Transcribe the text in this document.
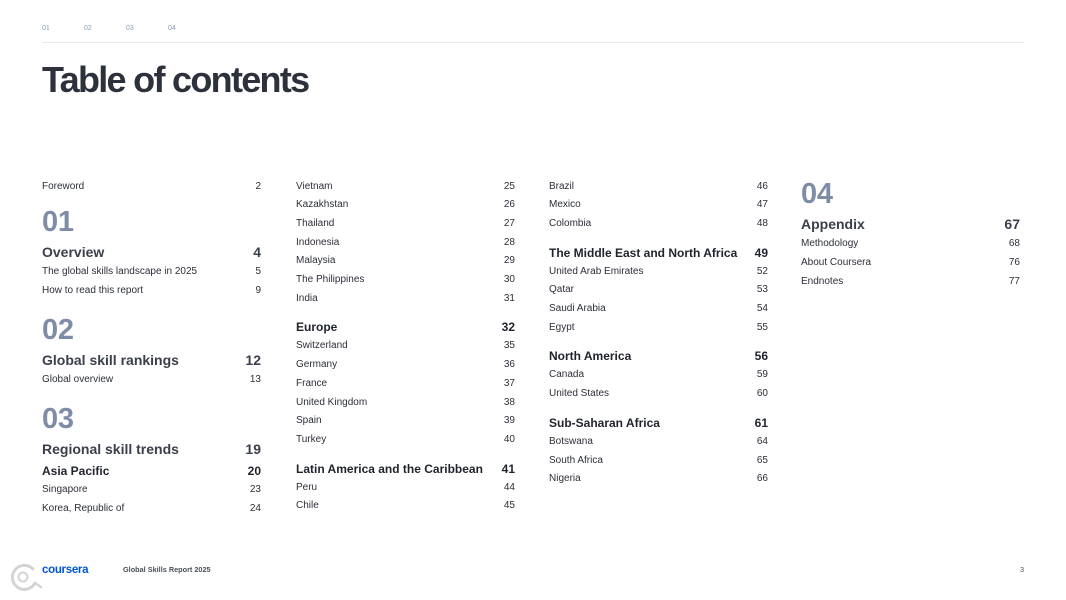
01	02	03	04
Table of contents
Foreword	2
01
Overview	4
The global skills landscape in 2025	5
How to read this report	9
02
Global skill rankings	12
Global overview	13
03
Regional skill trends	19
Asia Pacific	20
Singapore	23
Korea, Republic of	24
Vietnam	25
Kazakhstan	26
Thailand	27
Indonesia	28
Malaysia	29
The Philippines	30
India	31
Europe	32
Switzerland	35
Germany	36
France	37
United Kingdom	38
Spain	39
Turkey	40
Latin America and the Caribbean 41
Peru	44
Chile	45
Brazil	46
Mexico	47
Colombia	48
The Middle East and North Africa 49
United Arab Emirates	52
Qatar	53
Saudi Arabia	54
Egypt	55
North America	56
Canada	59
United States	60
Sub-Saharan Africa	61
Botswana	64
South Africa	65
Nigeria	66
04
Appendix	67
Methodology	68
About Coursera	76
Endnotes	77
coursera	Global Skills Report 2025	3
